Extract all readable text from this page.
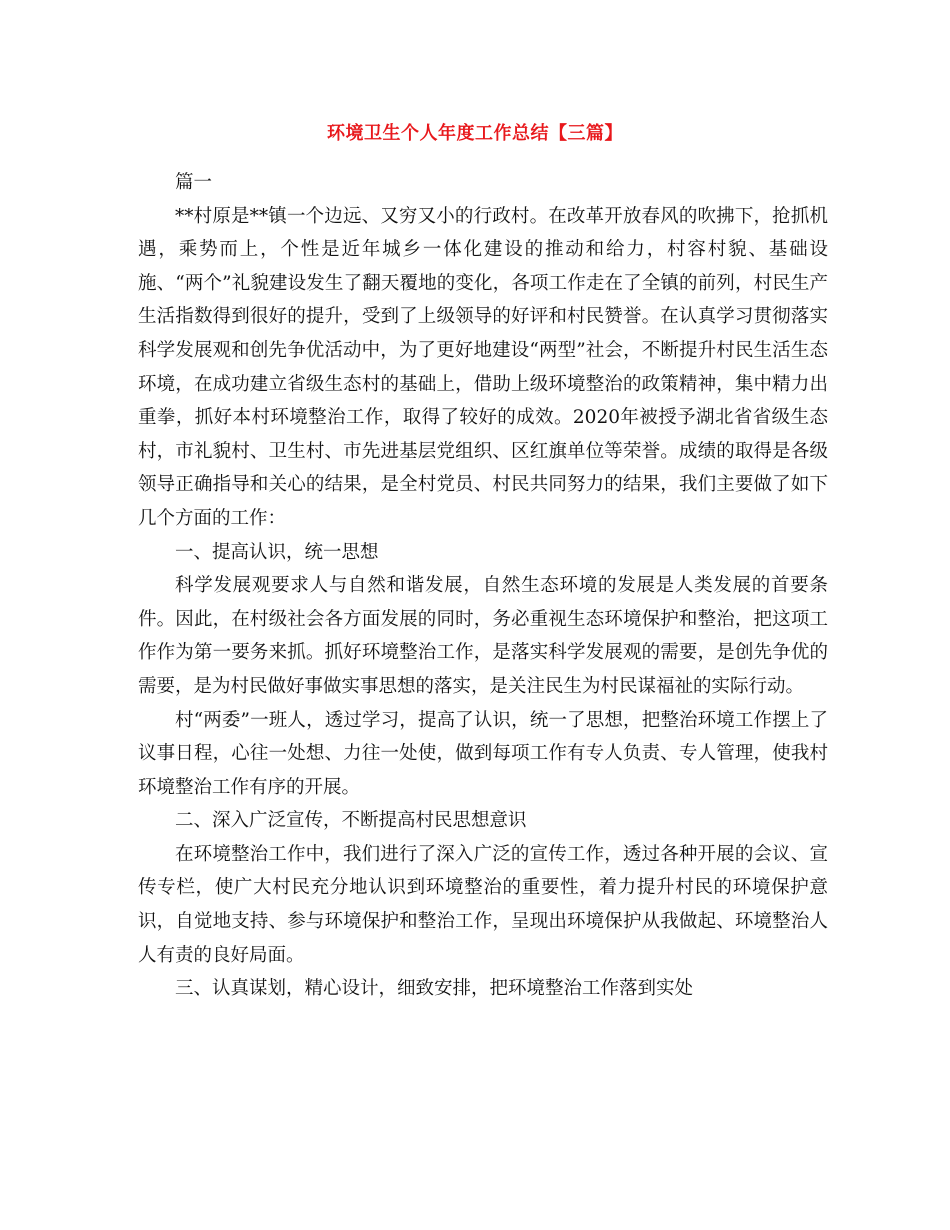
环境卫生个人年度工作总结【三篇】

篇一

**村原是**镇一个边远、又穷又小的行政村。在改革开放春风的吹拂下，抢抓机遇，乘势而上，个性是近年城乡一体化建设的推动和给力，村容村貌、基础设施、“两个”礼貌建设发生了翻天覆地的变化，各项工作走在了全镇的前列，村民生产生活指数得到很好的提升，受到了上级领导的好评和村民赞誉。在认真学习贯彻落实科学发展观和创先争优活动中，为了更好地建设“两型”社会，不断提升村民生活生态环境，在成功建立省级生态村的基础上，借助上级环境整治的政策精神，集中精力出重拳，抓好本村环境整治工作，取得了较好的成效。2020年被授予湖北省省级生态村，市礼貌村、卫生村、市先进基层党组织、区红旗单位等荣誉。成绩的取得是各级领导正确指导和关心的结果，是全村党员、村民共同努力的结果，我们主要做了如下几个方面的工作：

一、提高认识，统一思想

科学发展观要求人与自然和谐发展，自然生态环境的发展是人类发展的首要条件。因此，在村级社会各方面发展的同时，务必重视生态环境保护和整治，把这项工作作为第一要务来抓。抓好环境整治工作，是落实科学发展观的需要，是创先争优的需要，是为村民做好事做实事思想的落实，是关注民生为村民谋福祉的实际行动。

村“两委”一班人，透过学习，提高了认识，统一了思想，把整治环境工作摆上了议事日程，心往一处想、力往一处使，做到每项工作有专人负责、专人管理，使我村环境整治工作有序的开展。

二、深入广泛宣传，不断提高村民思想意识

在环境整治工作中，我们进行了深入广泛的宣传工作，透过各种开展的会议、宣传专栏，使广大村民充分地认识到环境整治的重要性，着力提升村民的环境保护意识，自觉地支持、参与环境保护和整治工作，呈现出环境保护从我做起、环境整治人人有责的良好局面。

三、认真谋划，精心设计，细致安排，把环境整治工作落到实处
